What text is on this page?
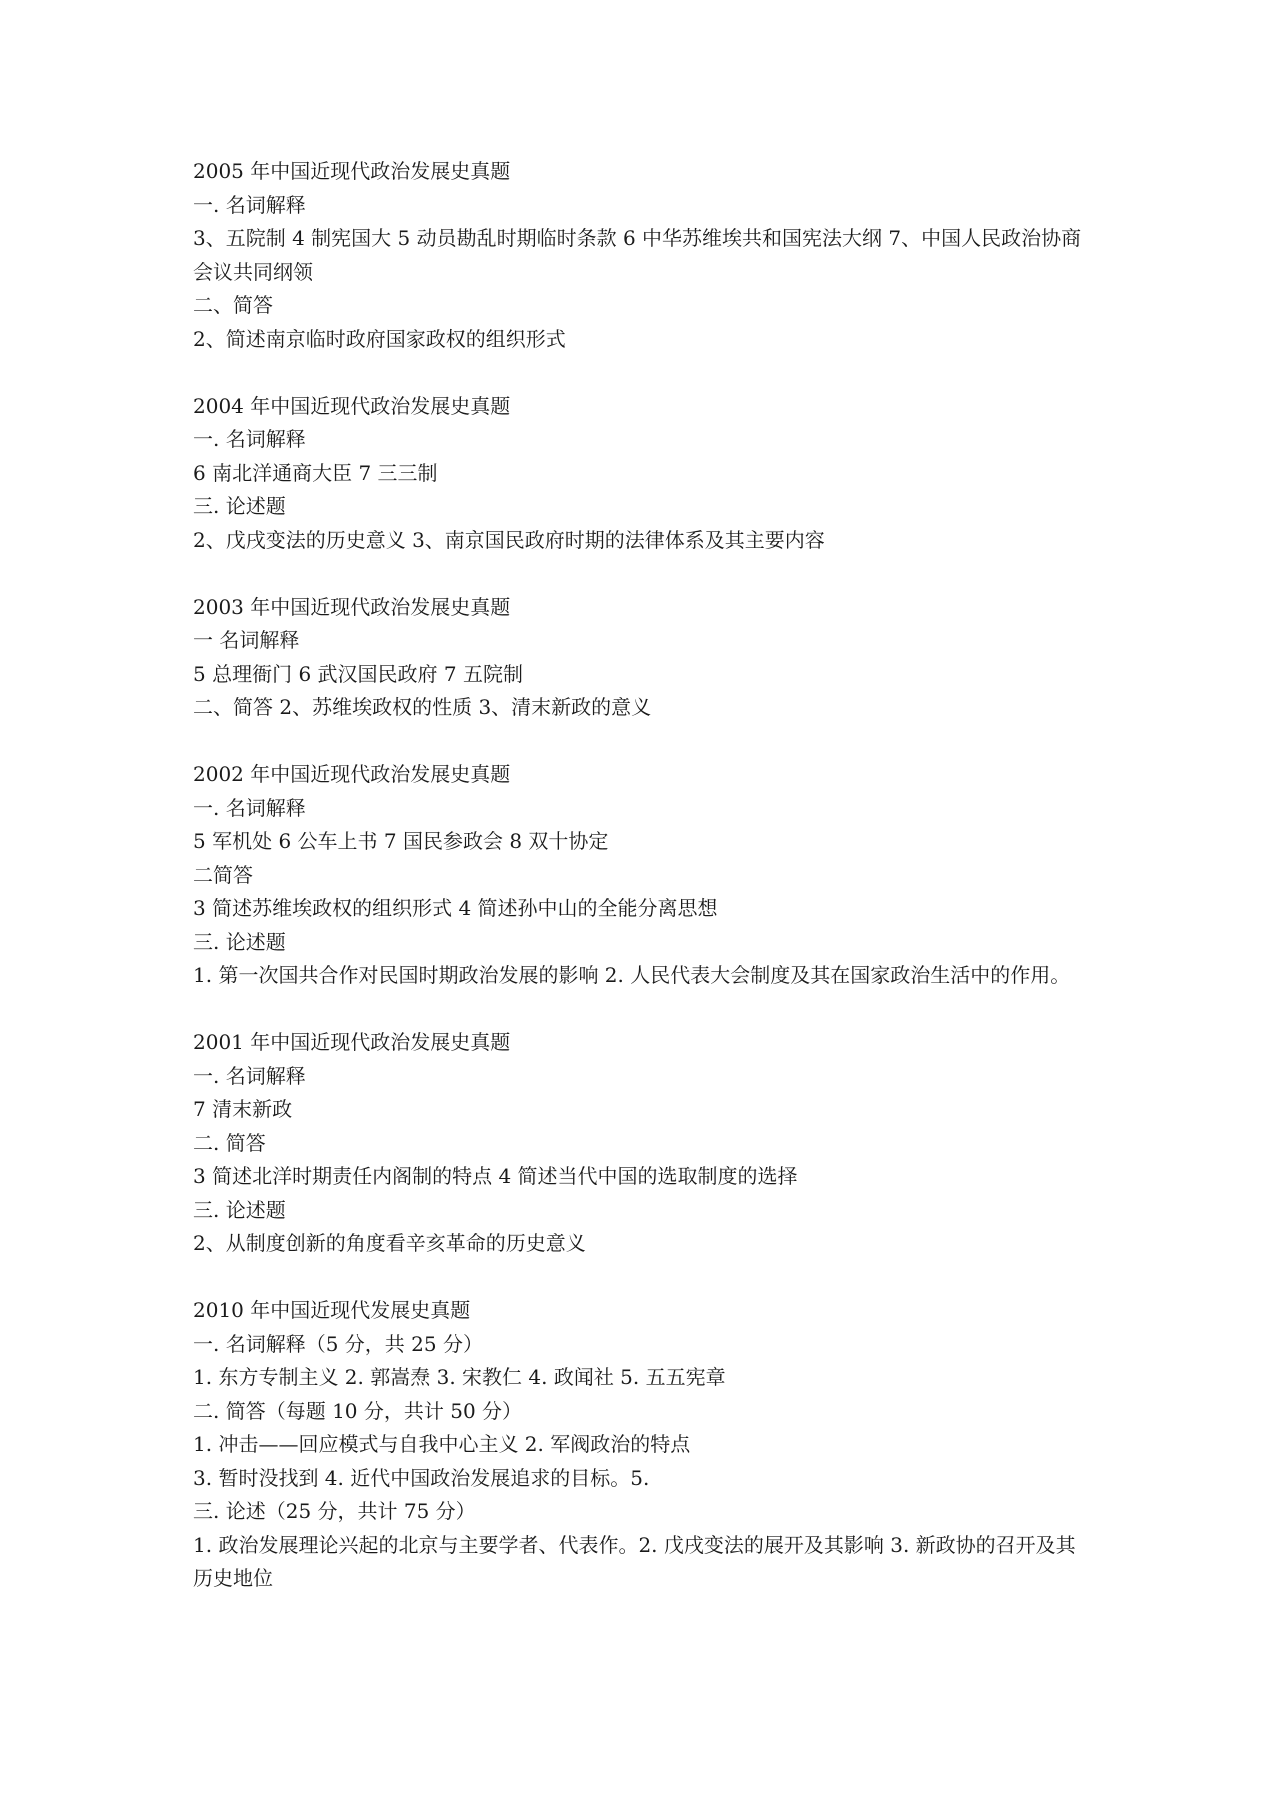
2005 年中国近现代政治发展史真题
一. 名词解释
3、五院制 4 制宪国大 5 动员勘乱时期临时条款 6 中华苏维埃共和国宪法大纲 7、中国人民政治协商会议共同纲领
二、简答
2、简述南京临时政府国家政权的组织形式
2004 年中国近现代政治发展史真题
一. 名词解释
6 南北洋通商大臣 7 三三制
三. 论述题
2、戊戌变法的历史意义 3、南京国民政府时期的法律体系及其主要内容
2003 年中国近现代政治发展史真题
一 名词解释
5 总理衙门 6 武汉国民政府 7 五院制
二、简答 2、苏维埃政权的性质 3、清末新政的意义
2002 年中国近现代政治发展史真题
一. 名词解释
5 军机处 6 公车上书 7 国民参政会 8 双十协定
二简答
3 简述苏维埃政权的组织形式 4 简述孙中山的全能分离思想
三. 论述题
1. 第一次国共合作对民国时期政治发展的影响 2. 人民代表大会制度及其在国家政治生活中的作用。
2001 年中国近现代政治发展史真题
一. 名词解释
7 清末新政
二. 简答
3 简述北洋时期责任内阁制的特点 4 简述当代中国的选取制度的选择
三. 论述题
2、从制度创新的角度看辛亥革命的历史意义
2010 年中国近现代发展史真题
一. 名词解释（5 分，共 25 分）
1. 东方专制主义 2. 郭嵩焘 3. 宋教仁 4. 政闻社 5. 五五宪章
二. 简答（每题 10 分，共计 50 分）
1. 冲击——回应模式与自我中心主义 2. 军阀政治的特点
3. 暂时没找到 4. 近代中国政治发展追求的目标。5.
三. 论述（25 分，共计 75 分）
1. 政治发展理论兴起的北京与主要学者、代表作。2. 戊戌变法的展开及其影响 3. 新政协的召开及其历史地位
